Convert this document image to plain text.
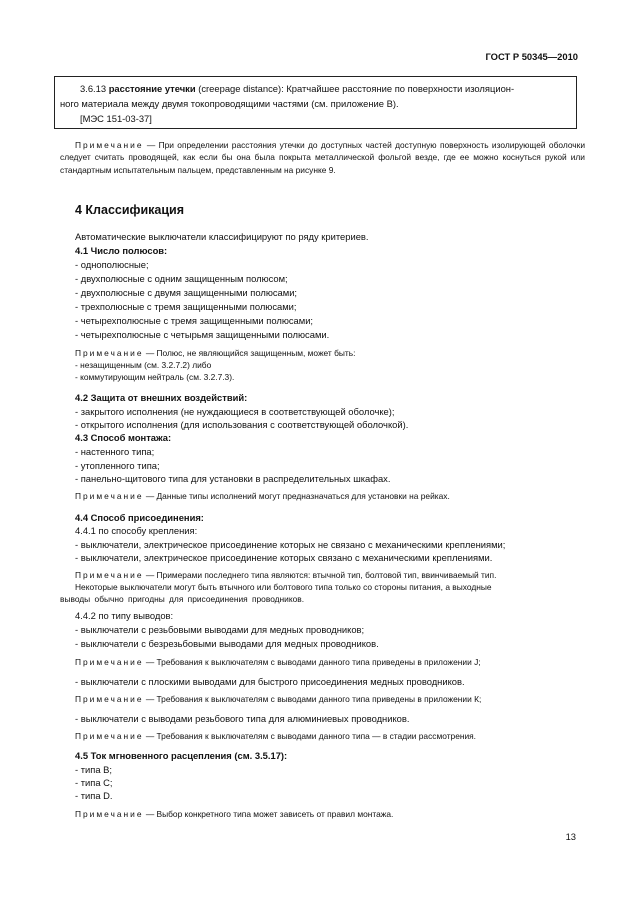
ГОСТ Р 50345—2010
3.6.13 расстояние утечки (creepage distance): Кратчайшее расстояние по поверхности изоляцион-
ного материала между двумя токопроводящими частями (см. приложение В).
[МЭС 151-03-37]
Примечание — При определении расстояния утечки до доступных частей доступную поверхность изолирующей оболочки следует считать проводящей, как если бы она была покрыта металлической фольгой везде, где ее можно коснуться рукой или стандартным испытательным пальцем, представленным на рисунке 9.
4 Классификация
Автоматические выключатели классифицируют по ряду критериев.
4.1 Число полюсов:
- однополюсные;
- двухполюсные с одним защищенным полюсом;
- двухполюсные с двумя защищенными полюсами;
- трехполюсные с тремя защищенными полюсами;
- четырехполюсные с тремя защищенными полюсами;
- четырехполюсные с четырьмя защищенными полюсами.
Примечание — Полюс, не являющийся защищенным, может быть:
- незащищенным (см. 3.2.7.2) либо
- коммутирующим нейтраль (см. 3.2.7.3).
4.2 Защита от внешних воздействий:
- закрытого исполнения (не нуждающиеся в соответствующей оболочке);
- открытого исполнения (для использования с соответствующей оболочкой).
4.3 Способ монтажа:
- настенного типа;
- утопленного типа;
- панельно-щитового типа для установки в распределительных шкафах.
Примечание — Данные типы исполнений могут предназначаться для установки на рейках.
4.4 Способ присоединения:
4.4.1 по способу крепления:
- выключатели, электрическое присоединение которых не связано с механическими креплениями;
- выключатели, электрическое присоединение которых связано с механическими креплениями.
Примечание — Примерами последнего типа являются: втычной тип, болтовой тип, ввинчиваемый тип.
Некоторые выключатели могут быть втычного или болтового типа только со стороны питания, а выходные
выводы обычно пригодны для присоединения проводников.
4.4.2 по типу выводов:
- выключатели с резьбовыми выводами для медных проводников;
- выключатели с безрезьбовыми выводами для медных проводников.
Примечание — Требования к выключателям с выводами данного типа приведены в приложении J;
- выключатели с плоскими выводами для быстрого присоединения медных проводников.
Примечание — Требования к выключателям с выводами данного типа приведены в приложении К;
- выключатели с выводами резьбового типа для алюминиевых проводников.
Примечание — Требования к выключателям с выводами данного типа — в стадии рассмотрения.
4.5 Ток мгновенного расцепления (см. 3.5.17):
- типа B;
- типа C;
- типа D.
Примечание — Выбор конкретного типа может зависеть от правил монтажа.
13
